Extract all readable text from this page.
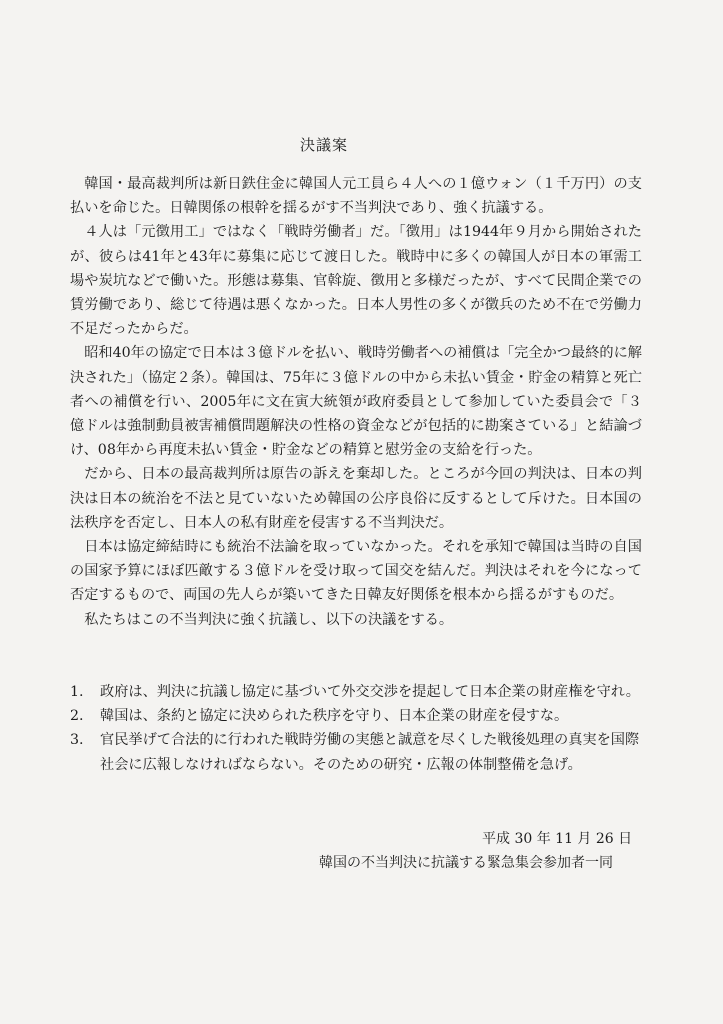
決議案

韓国・最高裁判所は新日鉄住金に韓国人元工員ら４人への１億ウォン（１千万円）の支払いを命じた。日韓関係の根幹を揺るがす不当判決であり、強く抗議する。

４人は「元徴用工」ではなく「戦時労働者」だ。「徴用」は1944年９月から開始されたが、彼らは41年と43年に募集に応じて渡日した。戦時中に多くの韓国人が日本の軍需工場や炭坑などで働いた。形態は募集、官斡旋、徴用と多様だったが、すべて民間企業での賃労働であり、総じて待遇は悪くなかった。日本人男性の多くが徴兵のため不在で労働力不足だったからだ。

昭和40年の協定で日本は３億ドルを払い、戦時労働者への補償は「完全かつ最終的に解決された」（協定２条）。韓国は、75年に３億ドルの中から未払い賃金・貯金の精算と死亡者への補償を行い、2005年に文在寅大統領が政府委員として参加していた委員会で「３億ドルは強制動員被害補償問題解決の性格の資金などが包括的に勘案さている」と結論づけ、08年から再度未払い賃金・貯金などの精算と慰労金の支給を行った。

だから、日本の最高裁判所は原告の訴えを棄却した。ところが今回の判決は、日本の判決は日本の統治を不法と見ていないため韓国の公序良俗に反するとして斥けた。日本国の法秩序を否定し、日本人の私有財産を侵害する不当判決だ。

日本は協定締結時にも統治不法論を取っていなかった。それを承知で韓国は当時の自国の国家予算にほぼ匹敵する３億ドルを受け取って国交を結んだ。判決はそれを今になって否定するもので、両国の先人らが築いてきた日韓友好関係を根本から揺るがすものだ。

私たちはこの不当判決に強く抗議し、以下の決議をする。

1.	政府は、判決に抗議し協定に基づいて外交交渉を提起して日本企業の財産権を守れ。
2.	韓国は、条約と協定に決められた秩序を守り、日本企業の財産を侵すな。
3.	官民挙げて合法的に行われた戦時労働の実態と誠意を尽くした戦後処理の真実を国際社会に広報しなければならない。そのための研究・広報の体制整備を急げ。
平成 30 年 11 月 26 日
韓国の不当判決に抗議する緊急集会参加者一同
